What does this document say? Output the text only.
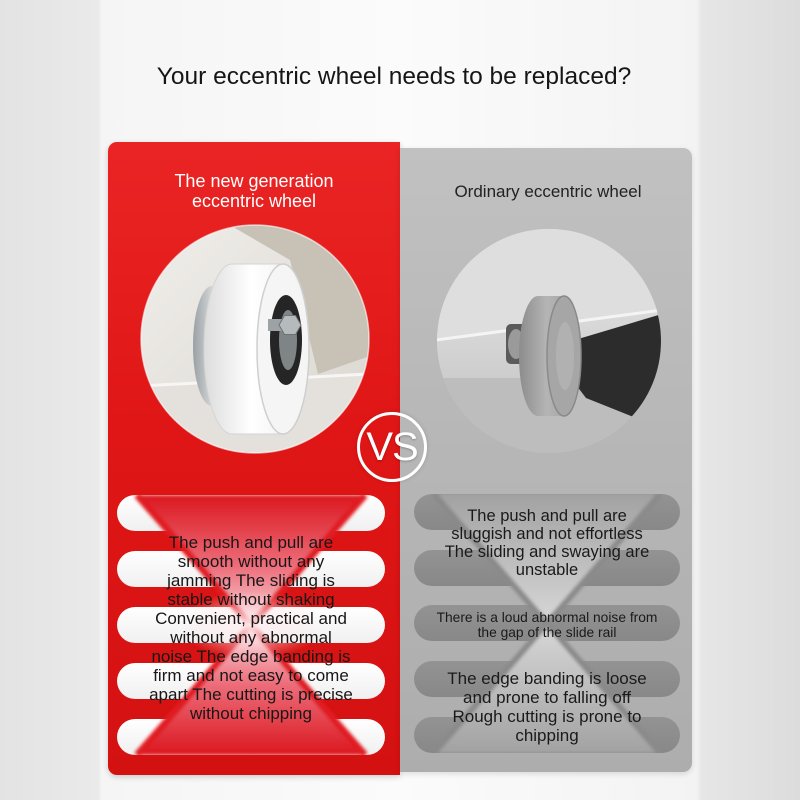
Your eccentric wheel needs to be replaced?
The new generation
eccentric wheel	Ordinary eccentric wheel
VS
The push and pull are
smooth without any
jamming The sliding is
stable without shaking
Convenient, practical and
without any abnormal
noise The edge banding is
firm and not easy to come
apart The cutting is precise
without chipping
The push and pull are
sluggish and not effortless
The sliding and swaying are
unstable
There is a loud abnormal noise from
the gap of the slide rail
The edge banding is loose
and prone to falling off
Rough cutting is prone to
chipping
